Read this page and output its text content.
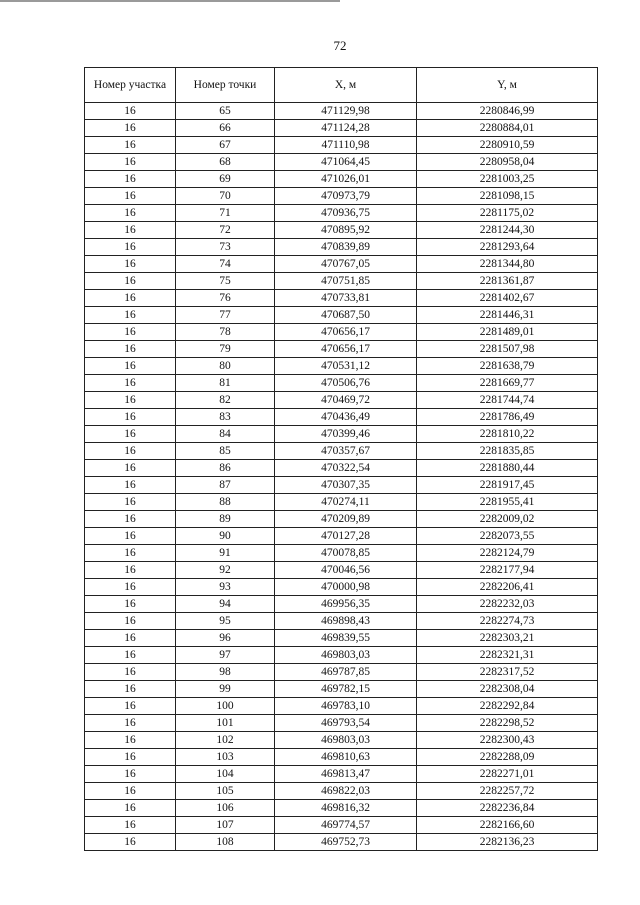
72
Номер участка	Номер точки	X, м	Y, м
16	65	471129,98	2280846,99
16	66	471124,28	2280884,01
16	67	471110,98	2280910,59
16	68	471064,45	2280958,04
16	69	471026,01	2281003,25
16	70	470973,79	2281098,15
16	71	470936,75	2281175,02
16	72	470895,92	2281244,30
16	73	470839,89	2281293,64
16	74	470767,05	2281344,80
16	75	470751,85	2281361,87
16	76	470733,81	2281402,67
16	77	470687,50	2281446,31
16	78	470656,17	2281489,01
16	79	470656,17	2281507,98
16	80	470531,12	2281638,79
16	81	470506,76	2281669,77
16	82	470469,72	2281744,74
16	83	470436,49	2281786,49
16	84	470399,46	2281810,22
16	85	470357,67	2281835,85
16	86	470322,54	2281880,44
16	87	470307,35	2281917,45
16	88	470274,11	2281955,41
16	89	470209,89	2282009,02
16	90	470127,28	2282073,55
16	91	470078,85	2282124,79
16	92	470046,56	2282177,94
16	93	470000,98	2282206,41
16	94	469956,35	2282232,03
16	95	469898,43	2282274,73
16	96	469839,55	2282303,21
16	97	469803,03	2282321,31
16	98	469787,85	2282317,52
16	99	469782,15	2282308,04
16	100	469783,10	2282292,84
16	101	469793,54	2282298,52
16	102	469803,03	2282300,43
16	103	469810,63	2282288,09
16	104	469813,47	2282271,01
16	105	469822,03	2282257,72
16	106	469816,32	2282236,84
16	107	469774,57	2282166,60
16	108	469752,73	2282136,23
